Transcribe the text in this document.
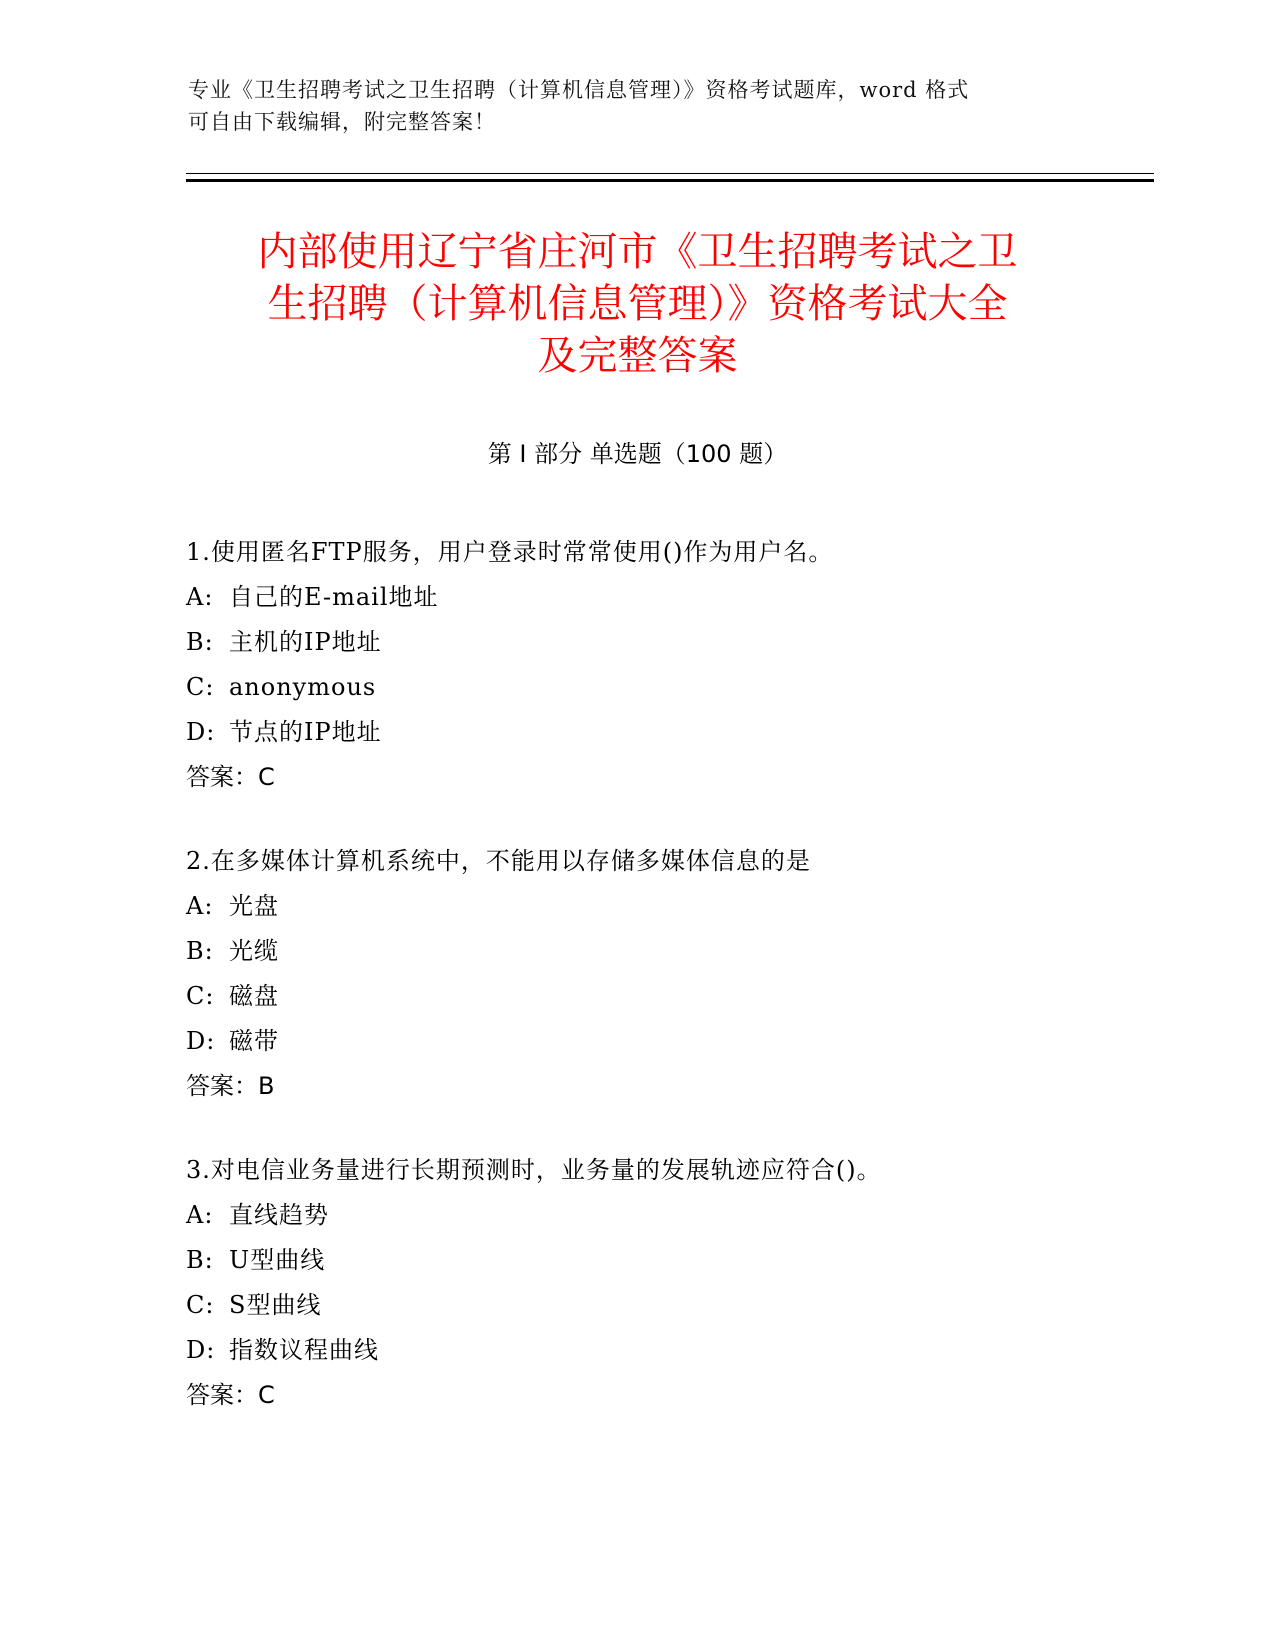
专业《卫生招聘考试之卫生招聘（计算机信息管理）》资格考试题库，word 格式
可自由下载编辑，附完整答案！
内部使用辽宁省庄河市《卫生招聘考试之卫
生招聘（计算机信息管理）》资格考试大全
及完整答案
第 I 部分 单选题（100 题）
1.使用匿名FTP服务，用户登录时常常使用()作为用户名。
A: 自己的E-mail地址
B: 主机的IP地址
C: anonymous
D: 节点的IP地址
答案：C
2.在多媒体计算机系统中，不能用以存储多媒体信息的是
A: 光盘
B: 光缆
C: 磁盘
D: 磁带
答案：B
3.对电信业务量进行长期预测时，业务量的发展轨迹应符合()。
A: 直线趋势
B: U型曲线
C: S型曲线
D: 指数议程曲线
答案：C
